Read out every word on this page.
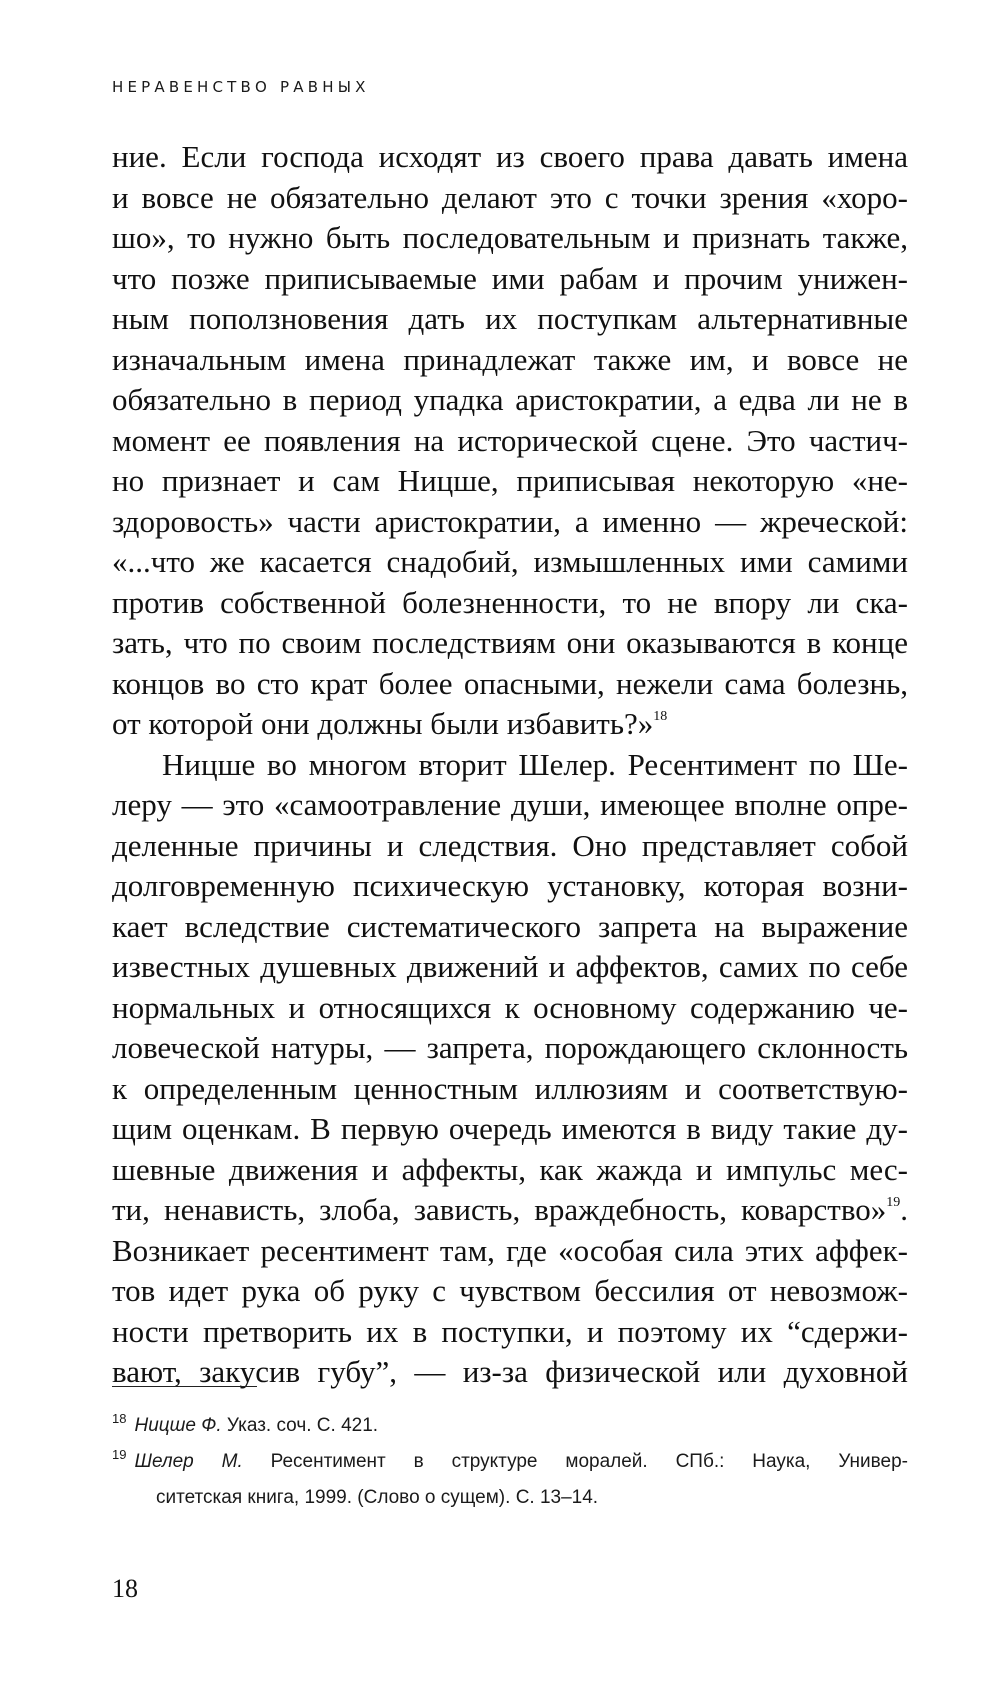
НЕРАВЕНСТВО РАВНЫХ
ние. Если господа исходят из своего права давать имена
и вовсе не обязательно делают это с точки зрения «хоро-
шо», то нужно быть последовательным и признать также,
что позже приписываемые ими рабам и прочим унижен-
ным поползновения дать их поступкам альтернативные
изначальным имена принадлежат также им, и вовсе не
обязательно в период упадка аристократии, а едва ли не в
момент ее появления на исторической сцене. Это частич-
но признает и сам Ницше, приписывая некоторую «не-
здоровость» части аристократии, а именно — жреческой:
«...что же касается снадобий, измышленных ими самими
против собственной болезненности, то не впору ли ска-
зать, что по своим последствиям они оказываются в конце
концов во сто крат более опасными, нежели сама болезнь,
от которой они должны были избавить?»$^{18}$
Ницше во многом вторит Шелер. Ресентимент по Ше-
леру — это «самоотравление души, имеющее вполне опре-
деленные причины и следствия. Оно представляет собой
долговременную психическую установку, которая возни-
кает вследствие систематического запрета на выражение
известных душевных движений и аффектов, самих по себе
нормальных и относящихся к основному содержанию че-
ловеческой натуры, — запрета, порождающего склонность
к определенным ценностным иллюзиям и соответствую-
щим оценкам. В первую очередь имеются в виду такие ду-
шевные движения и аффекты, как жажда и импульс мес-
ти, ненависть, злоба, зависть, враждебность, коварство»$^{19}$.
Возникает ресентимент там, где «особая сила этих аффек-
тов идет рука об руку с чувством бессилия от невозмож-
ности претворить их в поступки, и поэтому их “сдержи-
вают, закусив губу”, — из-за физической или духовной
$^{18}$ Ницше Ф. Указ. соч. С. 421.
$^{19}$ Шелер М. Ресентимент в структуре моралей. СПб.: Наука, Универ-
ситетская книга, 1999. (Слово о сущем). С. 13–14.
18
